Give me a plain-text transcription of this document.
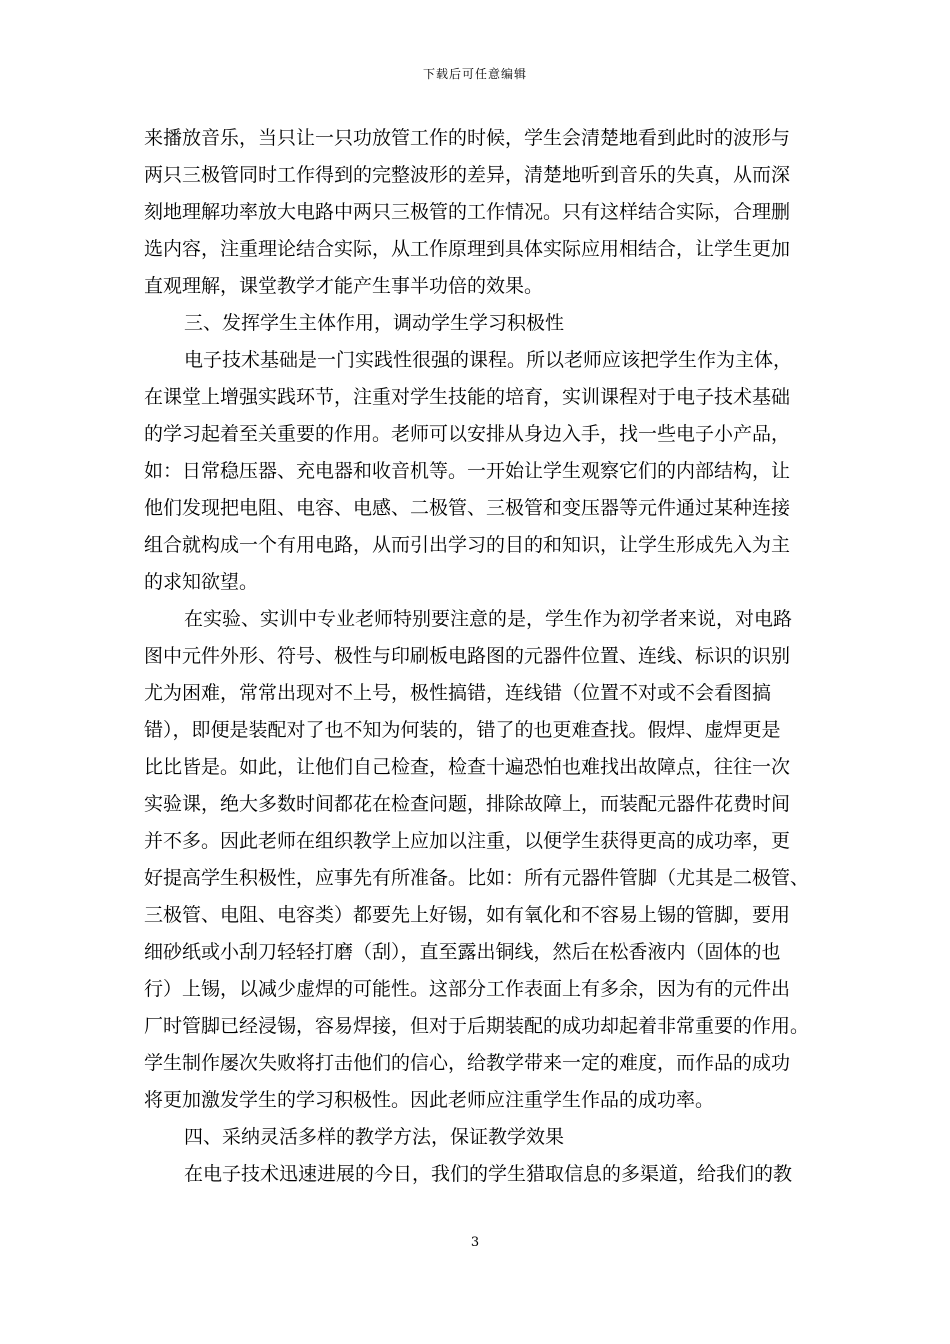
下载后可任意编辑
来播放音乐，当只让一只功放管工作的时候，学生会清楚地看到此时的波形与
两只三极管同时工作得到的完整波形的差异，清楚地听到音乐的失真，从而深
刻地理解功率放大电路中两只三极管的工作情况。只有这样结合实际，合理删
选内容，注重理论结合实际，从工作原理到具体实际应用相结合，让学生更加
直观理解，课堂教学才能产生事半功倍的效果。
三、发挥学生主体作用，调动学生学习积极性
电子技术基础是一门实践性很强的课程。所以老师应该把学生作为主体，
在课堂上增强实践环节，注重对学生技能的培育，实训课程对于电子技术基础
的学习起着至关重要的作用。老师可以安排从身边入手，找一些电子小产品，
如：日常稳压器、充电器和收音机等。一开始让学生观察它们的内部结构，让
他们发现把电阻、电容、电感、二极管、三极管和变压器等元件通过某种连接
组合就构成一个有用电路，从而引出学习的目的和知识，让学生形成先入为主
的求知欲望。
在实验、实训中专业老师特别要注意的是，学生作为初学者来说，对电路
图中元件外形、符号、极性与印刷板电路图的元器件位置、连线、标识的识别
尤为困难，常常出现对不上号，极性搞错，连线错（位置不对或不会看图搞
错），即便是装配对了也不知为何装的，错了的也更难查找。假焊、虚焊更是
比比皆是。如此，让他们自己检查，检查十遍恐怕也难找出故障点，往往一次
实验课，绝大多数时间都花在检查问题，排除故障上，而装配元器件花费时间
并不多。因此老师在组织教学上应加以注重，以便学生获得更高的成功率，更
好提高学生积极性，应事先有所准备。比如：所有元器件管脚（尤其是二极管、
三极管、电阻、电容类）都要先上好锡，如有氧化和不容易上锡的管脚，要用
细砂纸或小刮刀轻轻打磨（刮），直至露出铜线，然后在松香液内（固体的也
行）上锡，以减少虚焊的可能性。这部分工作表面上有多余，因为有的元件出
厂时管脚已经浸锡，容易焊接，但对于后期装配的成功却起着非常重要的作用。
学生制作屡次失败将打击他们的信心，给教学带来一定的难度，而作品的成功
将更加激发学生的学习积极性。因此老师应注重学生作品的成功率。
四、采纳灵活多样的教学方法，保证教学效果
在电子技术迅速进展的今日，我们的学生猎取信息的多渠道，给我们的教
3
